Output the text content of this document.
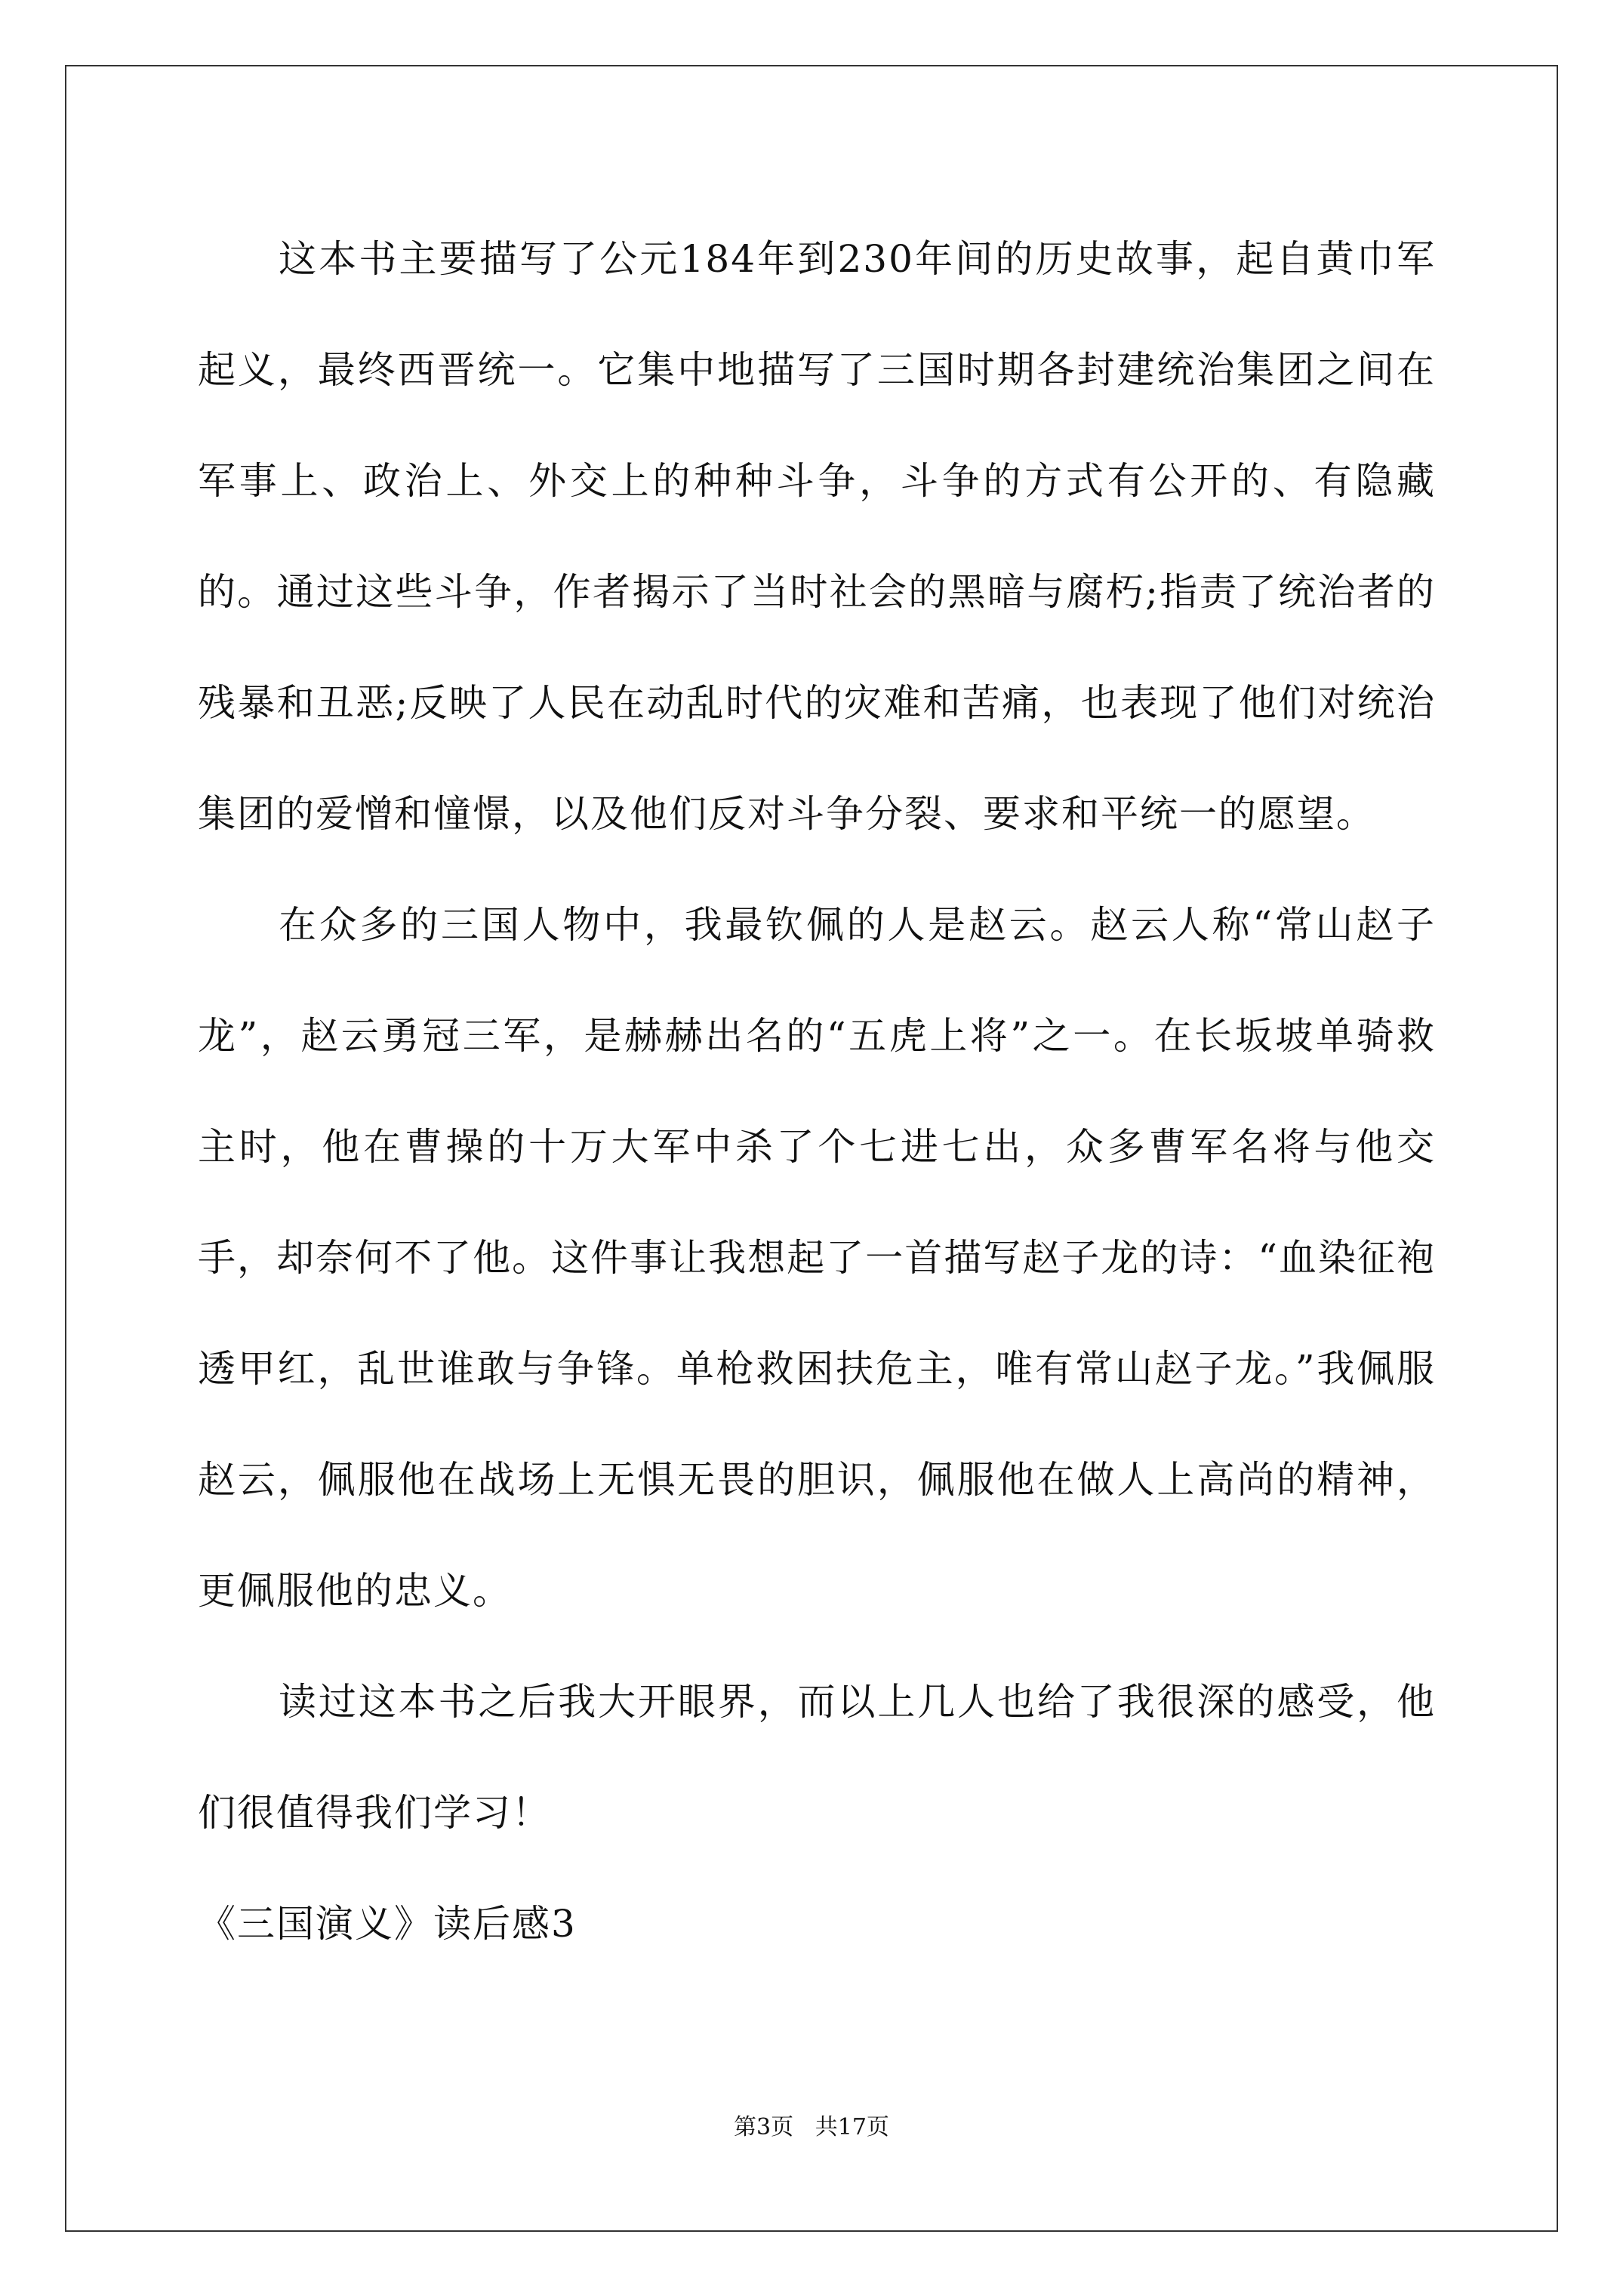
这本书主要描写了公元184年到230年间的历史故事，起自黄巾军起义，最终西晋统一。它集中地描写了三国时期各封建统治集团之间在军事上、政治上、外交上的种种斗争，斗争的方式有公开的、有隐藏的。通过这些斗争，作者揭示了当时社会的黑暗与腐朽;指责了统治者的残暴和丑恶;反映了人民在动乱时代的灾难和苦痛，也表现了他们对统治集团的爱憎和憧憬，以及他们反对斗争分裂、要求和平统一的愿望。

在众多的三国人物中，我最钦佩的人是赵云。赵云人称“常山赵子龙”，赵云勇冠三军，是赫赫出名的“五虎上将”之一。在长坂坡单骑救主时，他在曹操的十万大军中杀了个七进七出，众多曹军名将与他交手，却奈何不了他。这件事让我想起了一首描写赵子龙的诗：“血染征袍透甲红，乱世谁敢与争锋。单枪救困扶危主，唯有常山赵子龙。”我佩服赵云，佩服他在战场上无惧无畏的胆识，佩服他在做人上高尚的精神，更佩服他的忠义。

读过这本书之后我大开眼界，而以上几人也给了我很深的感受，他们很值得我们学习！

《三国演义》读后感3

第3页 共17页
